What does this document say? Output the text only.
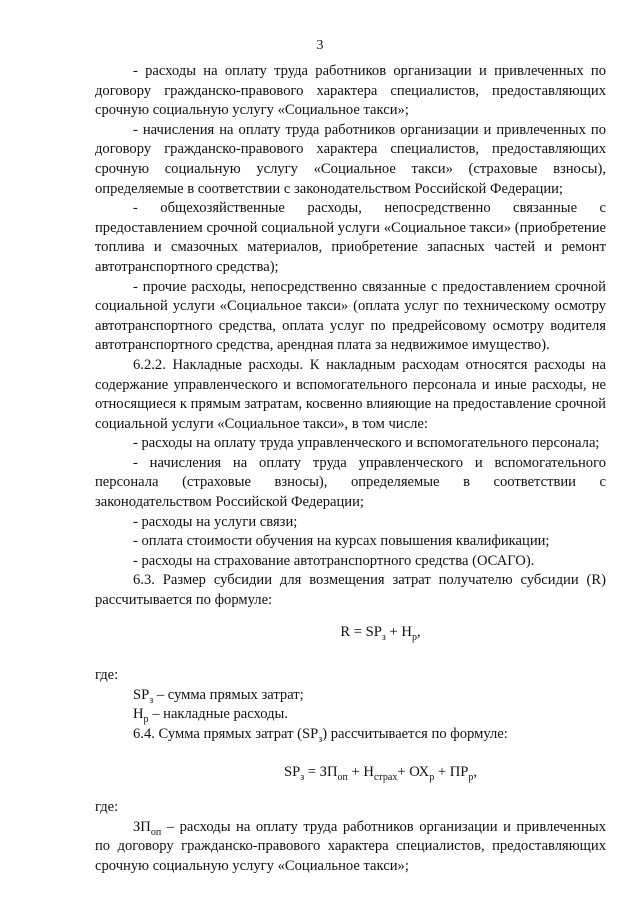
3

- расходы на оплату труда работников организации и привлеченных по договору гражданско-правового характера специалистов, предоставляющих срочную социальную услугу «Социальное такси»;

- начисления на оплату труда работников организации и привлеченных по договору гражданско-правового характера специалистов, предоставляющих срочную социальную услугу «Социальное такси» (страховые взносы), определяемые в соответствии с законодательством Российской Федерации;

- общехозяйственные расходы, непосредственно связанные с предоставлением срочной социальной услуги «Социальное такси» (приобретение топлива и смазочных материалов, приобретение запасных частей и ремонт автотранспортного средства);

- прочие расходы, непосредственно связанные с предоставлением срочной социальной услуги «Социальное такси» (оплата услуг по техническому осмотру автотранспортного средства, оплата услуг по предрейсовому осмотру водителя автотранспортного средства, арендная плата за недвижимое имущество).

6.2.2. Накладные расходы. К накладным расходам относятся расходы на содержание управленческого и вспомогательного персонала и иные расходы, не относящиеся к прямым затратам, косвенно влияющие на предоставление срочной социальной услуги «Социальное такси», в том числе:

- расходы на оплату труда управленческого и вспомогательного персонала;

- начисления на оплату труда управленческого и вспомогательного персонала (страховые взносы), определяемые в соответствии с законодательством Российской Федерации;

- расходы на услуги связи;

- оплата стоимости обучения на курсах повышения квалификации;

- расходы на страхование автотранспортного средства (ОСАГО).

6.3. Размер субсидии для возмещения затрат получателю субсидии (R) рассчитывается по формуле:

$R = SP_з + Н_р$,

где:

$SP_з$ – сумма прямых затрат;

$Н_р$ – накладные расходы.

6.4. Сумма прямых затрат $(SP_з)$ рассчитывается по формуле:

$SP_з = ЗП_{оп} + Н_{страх}+ ОХ_р + ПР_р$,

где:

$ЗП_{оп}$ – расходы на оплату труда работников организации и привлеченных по договору гражданско-правового характера специалистов, предоставляющих срочную социальную услугу «Социальное такси»;
